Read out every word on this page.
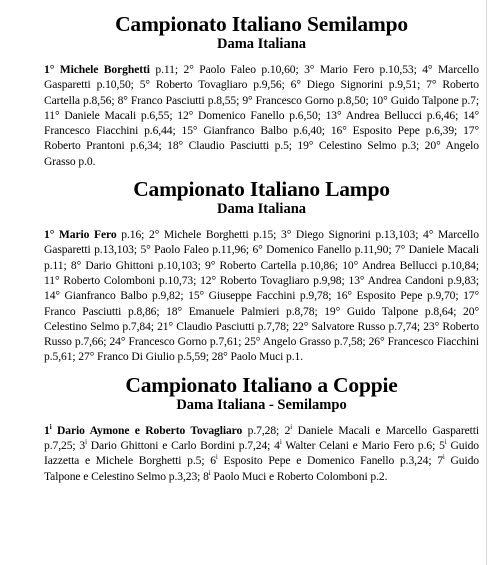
Campionato Italiano Semilampo
Dama Italiana

1° Michele Borghetti p.11; 2° Paolo Faleo p.10,60; 3° Mario Fero p.10,53; 4° Marcello Gasparetti p.10,50; 5° Roberto Tovagliaro p.9,56; 6° Diego Signorini p.9,51; 7° Roberto Cartella p.8,56; 8° Franco Pasciutti p.8,55; 9° Francesco Gorno p.8,50; 10° Guido Talpone p.7; 11° Daniele Macali p.6,55; 12° Domenico Fanello p.6,50; 13° Andrea Bellucci p.6,46; 14° Francesco Fiacchini p.6,44; 15° Gianfranco Balbo p.6,40; 16° Esposito Pepe p.6,39; 17° Roberto Prantoni p.6,34; 18° Claudio Pasciutti p.5; 19° Celestino Selmo p.3; 20° Angelo Grasso p.0.

Campionato Italiano Lampo
Dama Italiana

1° Mario Fero p.16; 2° Michele Borghetti p.15; 3° Diego Signorini p.13,103; 4° Marcello Gasparetti p.13,103; 5° Paolo Faleo p.11,96; 6° Domenico Fanello p.11,90; 7° Daniele Macali p.11; 8° Dario Ghittoni p.10,103; 9° Roberto Cartella p.10,86; 10° Andrea Bellucci p.10,84; 11° Roberto Colomboni p.10,73; 12° Roberto Tovagliaro p.9,98; 13° Andrea Candoni p.9,83; 14° Gianfranco Balbo p.9,82; 15° Giuseppe Facchini p.9,78; 16° Esposito Pepe p.9,70; 17° Franco Pasciutti p.8,86; 18° Emanuele Palmieri p.8,78; 19° Guido Talpone p.8,64; 20° Celestino Selmo p.7,84; 21° Claudio Pasciutti p.7,78; 22° Salvatore Russo p.7,74; 23° Roberto Russo p.7,66; 24° Francesco Gorno p.7,61; 25° Angelo Grasso p.7,58; 26° Francesco Fiacchini p.5,61; 27° Franco Di Giulio p.5,59; 28° Paolo Muci p.1.

Campionato Italiano a Coppie
Dama Italiana - Semilampo

1$^i$ Dario Aymone e Roberto Tovagliaro p.7,28; 2$^i$ Daniele Macali e Marcello Gasparetti p.7,25; 3$^i$ Dario Ghittoni e Carlo Bordini p.7,24; 4$^i$ Walter Celani e Mario Fero p.6; 5$^i$ Guido Iazzetta e Michele Borghetti p.5; 6$^i$ Esposito Pepe e Domenico Fanello p.3,24; 7$^i$ Guido Talpone e Celestino Selmo p.3,23; 8$^i$ Paolo Muci e Roberto Colomboni p.2.
